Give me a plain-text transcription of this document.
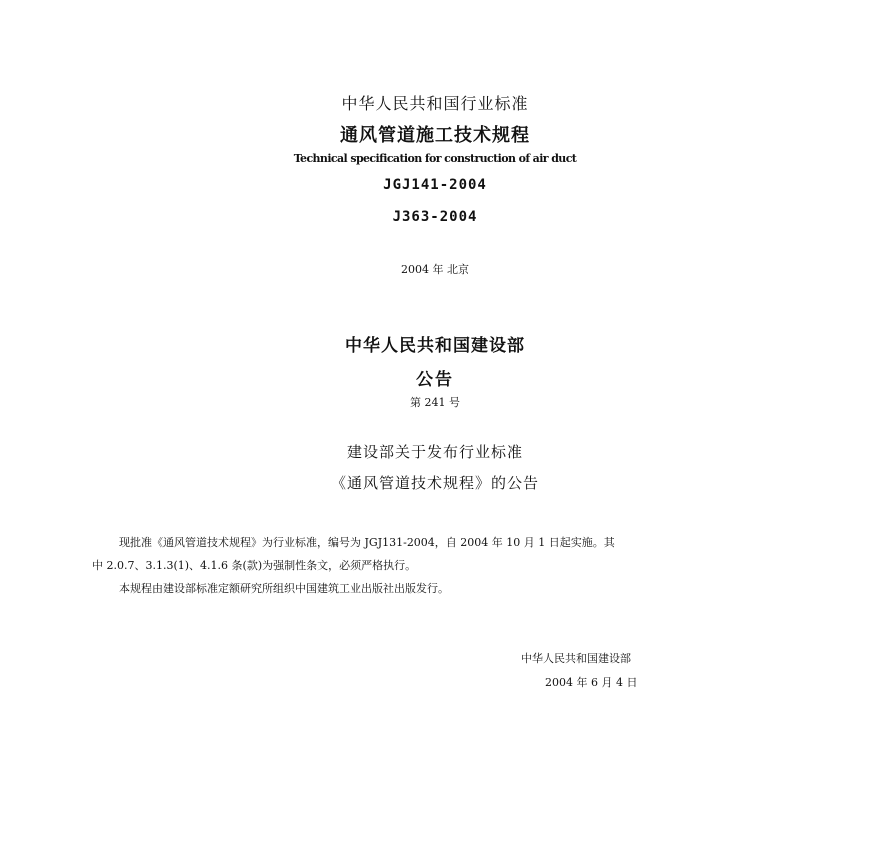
中华人民共和国行业标准
通风管道施工技术规程
Technical specification for construction of air duct
JGJ141-2004
J363-2004
2004 年 北京
中华人民共和国建设部
公告
第 241 号
建设部关于发布行业标准
《通风管道技术规程》的公告
现批准《通风管道技术规程》为行业标准，编号为 JGJ131-2004，自 2004 年 10 月 1 日起实施。其
中 2.0.7、3.1.3(1)、4.1.6 条(款)为强制性条文，必须严格执行。
本规程由建设部标准定额研究所组织中国建筑工业出版社出版发行。
中华人民共和国建设部
2004 年 6 月 4 日
